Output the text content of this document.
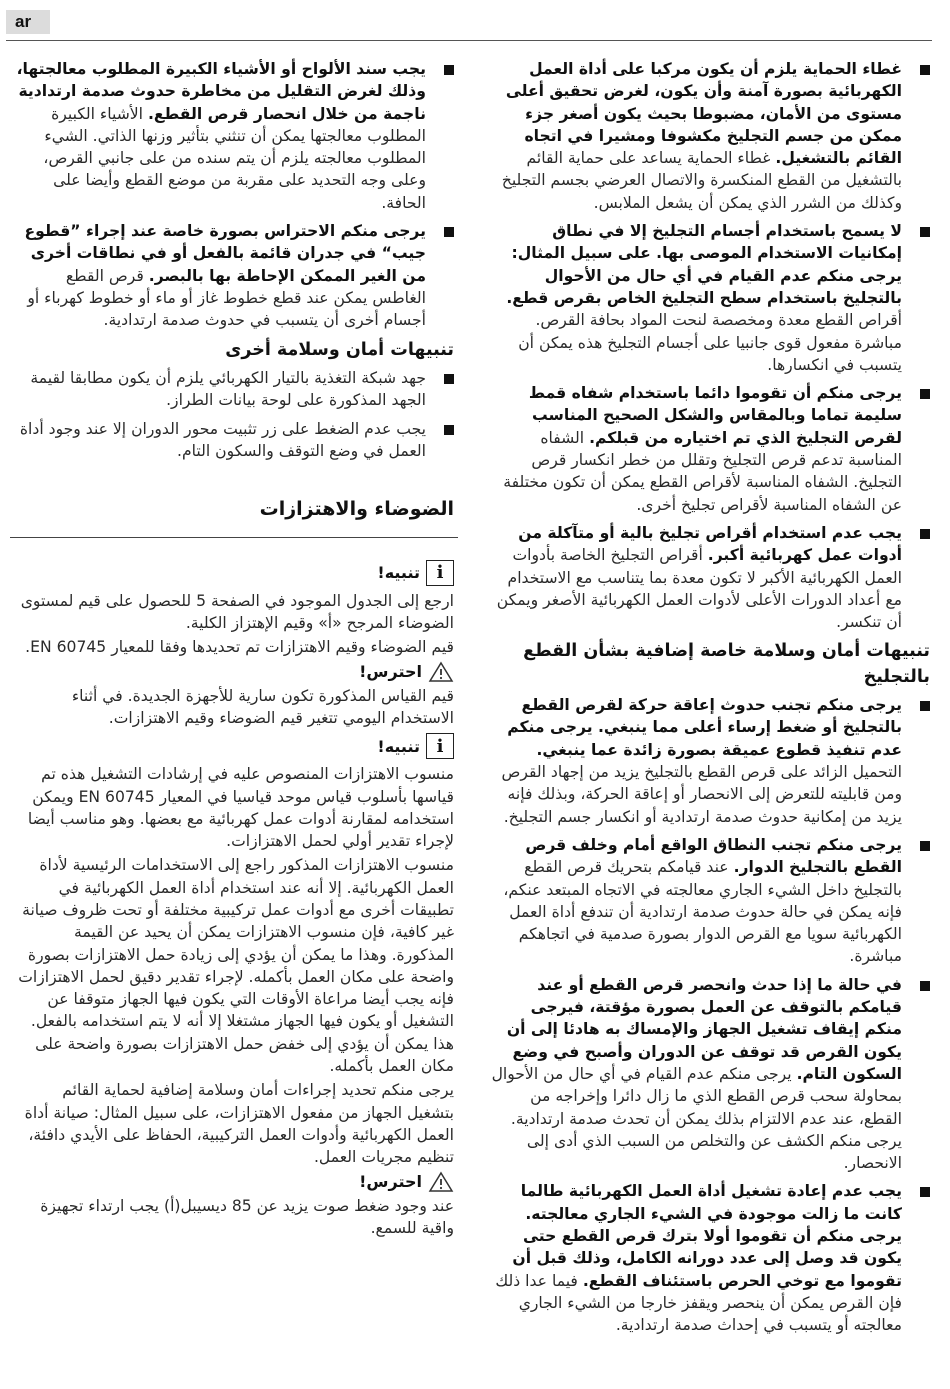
ar
غطاء الحماية يلزم أن يكون مركبا على أداة العمل الكهربائية بصورة آمنة وأن يكون، لغرض تحقيق أعلى مستوى من الأمان، مضبوطا بحيث يكون أصغر جزء ممكن من جسم التجليخ مكشوفا ومشيرا في اتجاه القائم بالتشغيل. غطاء الحماية يساعد على حماية القائم بالتشغيل من القطع المنكسرة والاتصال العرضي بجسم التجليخ وكذلك من الشرر الذي يمكن أن يشعل الملابس.
لا يسمح باستخدام أجسام التجليخ إلا في نطاق إمكانيات الاستخدام الموصى بها. على سبيل المثال: يرجى منكم عدم القيام في أي حال من الأحوال بالتجليخ باستخدام سطح التجليخ الخاص بقرص قطع. أقراص القطع معدة ومخصصة لنحت المواد بحافة القرص. مباشرة مفعول قوى جانبيا على أجسام التجليخ هذه يمكن أن يتسبب في انكسارها.
يرجى منكم أن تقوموا دائما باستخدام شفاه قمط سليمة تماما وبالمقاس والشكل الصحيح المناسب لقرص التجليخ الذي تم اختياره من قبلكم. الشفاه المناسبة تدعم قرص التجليخ وتقلل من خطر انكسار قرص التجليخ. الشفاه المناسبة لأقراص القطع يمكن أن تكون مختلفة عن الشفاه المناسبة لأقراص تجليخ أخرى.
يجب عدم استخدام أقراص تجليخ بالية أو متآكلة من أدوات عمل كهربائية أكبر. أقراص التجليخ الخاصة بأدوات العمل الكهربائية الأكبر لا تكون معدة بما يتناسب مع الاستخدام مع أعداد الدورات الأعلى لأدوات العمل الكهربائية الأصغر ويمكن أن تنكسر.
تنبيهات أمان وسلامة خاصة إضافية بشأن القطع بالتجليخ
يرجى منكم تجنب حدوث إعاقة حركة لقرص القطع بالتجليخ أو ضغط إرساء أعلى مما ينبغي. يرجى منكم عدم تنفيذ قطوع عميقة بصورة زائدة عما ينبغي. التحميل الزائد على قرص القطع بالتجليخ يزيد من إجهاد القرص ومن قابليته للتعرض إلى الانحصار أو إعاقة الحركة، وبذلك فإنه يزيد من إمكانية حدوث صدمة ارتدادية أو انكسار جسم التجليخ.
يرجى منكم تجنب النطاق الواقع أمام وخلف قرص القطع بالتجليخ الدوار. عند قيامكم بتحريك قرص القطع بالتجليخ داخل الشيء الجاري معالجته في الاتجاه المبتعد عنكم، فإنه يمكن في حالة حدوث صدمة ارتدادية أن تندفع أداة العمل الكهربائية سويا مع القرص الدوار بصورة صدمية في اتجاهكم مباشرة.
في حالة ما إذا حدث وانحصر قرص القطع أو عند قيامكم بالتوقف عن العمل بصورة مؤقتة، فيرجى منكم إيقاف تشغيل الجهاز والإمساك به هادئا إلى أن يكون القرص قد توقف عن الدوران وأصبح في وضع السكون التام. يرجى منكم عدم القيام في أي حال من الأحوال بمحاولة سحب قرص القطع الذي ما زال دائرا وإخراجه من القطع، عند عدم الالتزام بذلك يمكن أن تحدث صدمة ارتدادية. يرجى منكم الكشف عن والتخلص من السبب الذي أدى إلى الانحصار.
يجب عدم إعادة تشغيل أداة العمل الكهربائية طالما كانت ما زالت موجودة في الشيء الجاري معالجته. يرجى منكم أن تقوموا أولا بترك قرص القطع حتى يكون قد وصل إلى عدد دورانه الكامل، وذلك قبل أن تقوموا مع توخي الحرص باستئناف القطع. فيما عدا ذلك فإن القرص يمكن أن ينحصر ويقفز خارجا من الشيء الجاري معالجته أو يتسبب في إحداث صدمة ارتدادية.
يجب سند الألواح أو الأشياء الكبيرة المطلوب معالجتها، وذلك لغرض التقليل من مخاطرة حدوث صدمة ارتدادية ناجمة من خلال انحصار قرص القطع. الأشياء الكبيرة المطلوب معالجتها يمكن أن تنثني بتأثير وزنها الذاتي. الشيء المطلوب معالجته يلزم أن يتم سنده من على جانبي القرص، وعلى وجه التحديد على مقربة من موضع القطع وأيضا على الحافة.
يرجى منكم الاحتراس بصورة خاصة عند إجراء ”قطوع جيب“ في جدران قائمة بالفعل أو في نطاقات أخرى من الغير الممكن الإحاطة بها بالبصر. قرص القطع الغاطس يمكن عند قطع خطوط غاز أو ماء أو خطوط كهرباء أو أجسام أخرى أن يتسبب في حدوث صدمة ارتدادية.
تنبيهات أمان وسلامة أخرى
جهد شبكة التغذية بالتيار الكهربائي يلزم أن يكون مطابقا لقيمة الجهد المذكورة على لوحة بيانات الطراز.
يجب عدم الضغط على زر تثبيت محور الدوران إلا عند وجود أداة العمل في وضع التوقف والسكون التام.
الضوضاء والاهتزازات
i
تنبيه!
ارجع إلى الجدول الموجود في الصفحة 5 للحصول على قيم لمستوى الضوضاء المرجح «أ» وقيم الإهتزاز الكلية.
قيم الضوضاء وقيم الاهتزازات تم تحديدها وفقا للمعيار EN 60745.
احترس!
قيم القياس المذكورة تكون سارية للأجهزة الجديدة. في أثناء الاستخدام اليومي تتغير قيم الضوضاء وقيم الاهتزازات.
i
تنبيه!
منسوب الاهتزازات المنصوص عليه في إرشادات التشغيل هذه تم قياسها بأسلوب قياس موحد قياسيا في المعيار EN 60745 ويمكن استخدامه لمقارنة أدوات عمل كهربائية مع بعضها. وهو مناسب أيضا لإجراء تقدير أولي لحمل الاهتزازات.
منسوب الاهتزازات المذكور راجع إلى الاستخدامات الرئيسية لأداة العمل الكهربائية. إلا أنه عند استخدام أداة العمل الكهربائية في تطبيقات أخرى مع أدوات عمل تركيبية مختلفة أو تحت ظروف صيانة غير كافية، فإن منسوب الاهتزازات يمكن أن يحيد عن القيمة المذكورة. وهذا ما يمكن أن يؤدي إلى زيادة حمل الاهتزازات بصورة واضحة على مكان العمل بأكمله. لإجراء تقدير دقيق لحمل الاهتزازات فإنه يجب أيضا مراعاة الأوقات التي يكون فيها الجهاز متوقفا عن التشغيل أو يكون فيها الجهاز مشتغلا إلا أنه لا يتم استخدامه بالفعل. هذا يمكن أن يؤدي إلى خفض حمل الاهتزازات بصورة واضحة على مكان العمل بأكمله.
يرجى منكم تحديد إجراءات أمان وسلامة إضافية لحماية القائم بتشغيل الجهاز من مفعول الاهتزازات، على سبيل المثال: صيانة أداة العمل الكهربائية وأدوات العمل التركيبية، الحفاظ على الأيدي دافئة، تنظيم مجريات العمل.
احترس!
عند وجود ضغط صوت يزيد عن 85 ديسيبل(أ) يجب ارتداء تجهيزة واقية للسمع.
